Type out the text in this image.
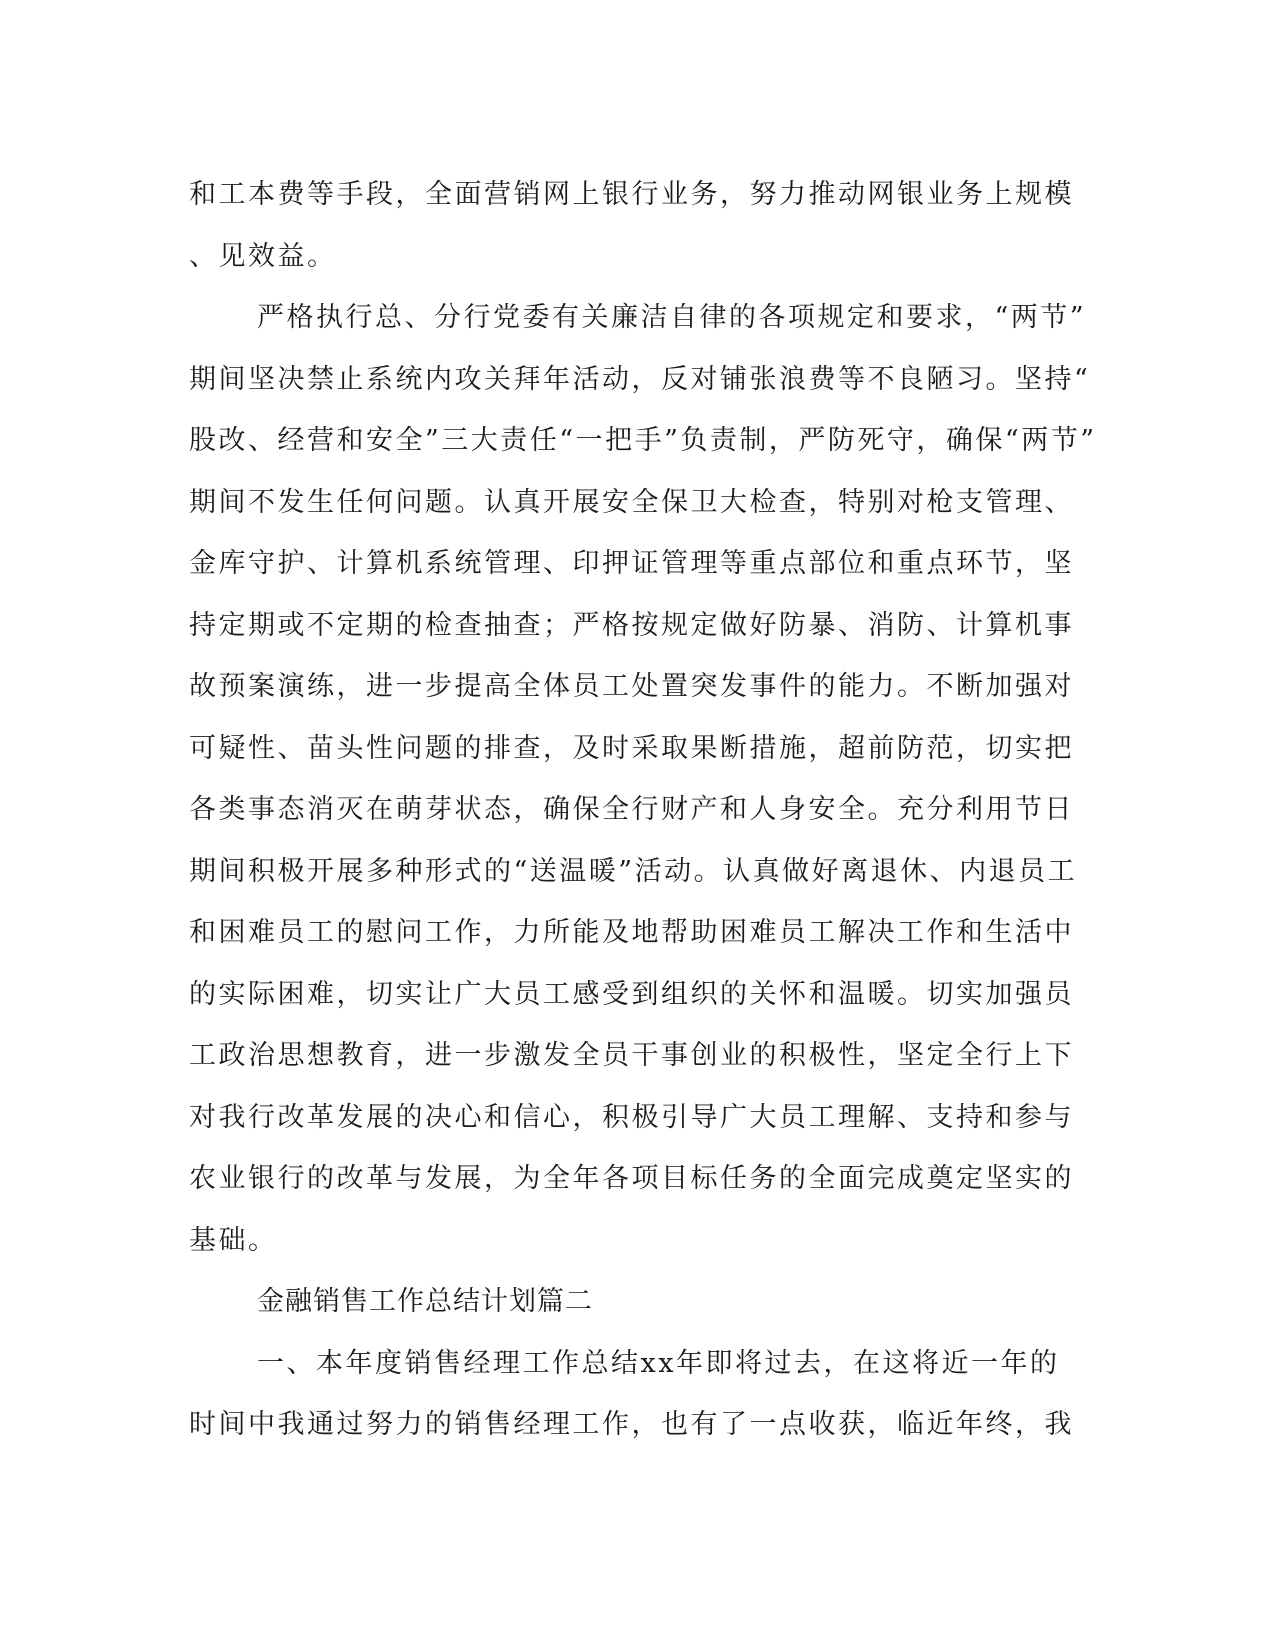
和工本费等手段，全面营销网上银行业务，努力推动网银业务上规模
、见效益。
严格执行总、分行党委有关廉洁自律的各项规定和要求，“两节”
期间坚决禁止系统内攻关拜年活动，反对铺张浪费等不良陋习。坚持“
股改、经营和安全”三大责任“一把手”负责制，严防死守，确保“两节”
期间不发生任何问题。认真开展安全保卫大检查，特别对枪支管理、
金库守护、计算机系统管理、印押证管理等重点部位和重点环节，坚
持定期或不定期的检查抽查；严格按规定做好防暴、消防、计算机事
故预案演练，进一步提高全体员工处置突发事件的能力。不断加强对
可疑性、苗头性问题的排查，及时采取果断措施，超前防范，切实把
各类事态消灭在萌芽状态，确保全行财产和人身安全。充分利用节日
期间积极开展多种形式的“送温暖”活动。认真做好离退休、内退员工
和困难员工的慰问工作，力所能及地帮助困难员工解决工作和生活中
的实际困难，切实让广大员工感受到组织的关怀和温暖。切实加强员
工政治思想教育，进一步激发全员干事创业的积极性，坚定全行上下
对我行改革发展的决心和信心，积极引导广大员工理解、支持和参与
农业银行的改革与发展，为全年各项目标任务的全面完成奠定坚实的
基础。
金融销售工作总结计划篇二
一、本年度销售经理工作总结xx年即将过去，在这将近一年的
时间中我通过努力的销售经理工作，也有了一点收获，临近年终，我
